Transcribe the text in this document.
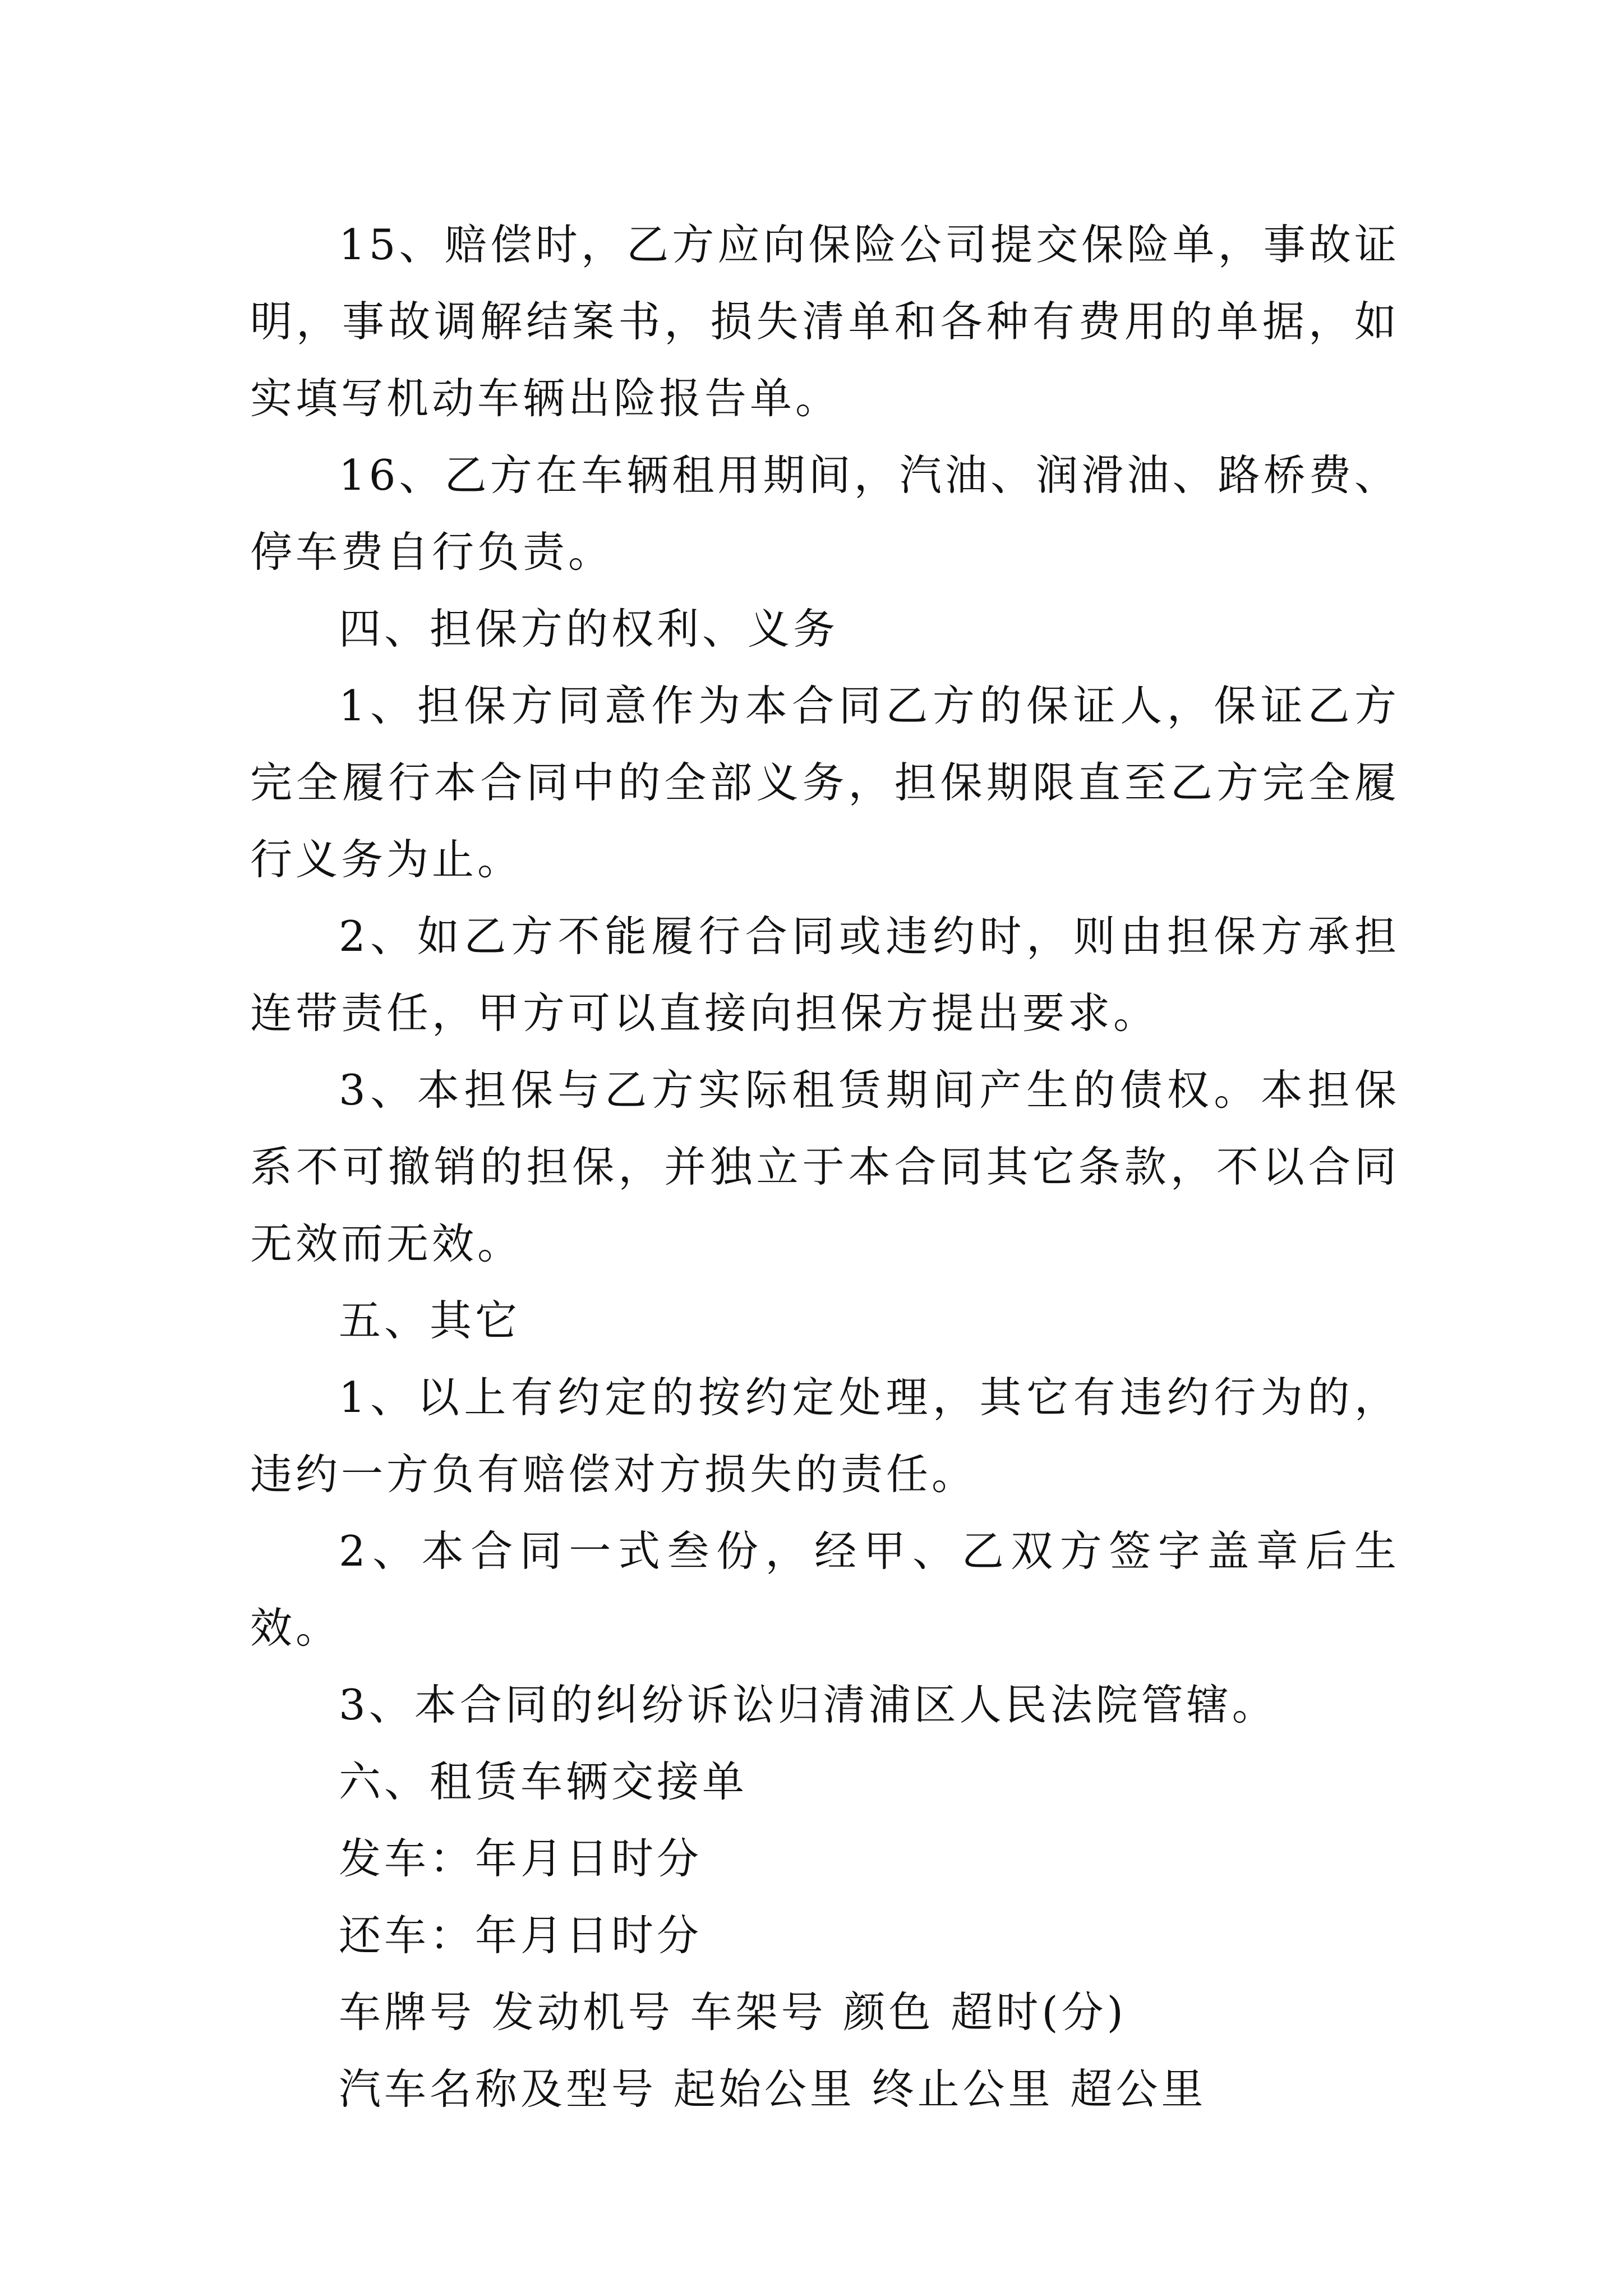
15、赔偿时，乙方应向保险公司提交保险单，事故证明，事故调解结案书，损失清单和各种有费用的单据，如实填写机动车辆出险报告单。

16、乙方在车辆租用期间，汽油、润滑油、路桥费、停车费自行负责。

四、担保方的权利、义务

1、担保方同意作为本合同乙方的保证人，保证乙方完全履行本合同中的全部义务，担保期限直至乙方完全履行义务为止。

2、如乙方不能履行合同或违约时，则由担保方承担连带责任，甲方可以直接向担保方提出要求。

3、本担保与乙方实际租赁期间产生的债权。本担保系不可撤销的担保，并独立于本合同其它条款，不以合同无效而无效。

五、其它

1、以上有约定的按约定处理，其它有违约行为的，违约一方负有赔偿对方损失的责任。

2、本合同一式叁份，经甲、乙双方签字盖章后生效。

3、本合同的纠纷诉讼归清浦区人民法院管辖。

六、租赁车辆交接单

发车：年月日时分

还车：年月日时分

车牌号 发动机号 车架号 颜色 超时(分)

汽车名称及型号 起始公里 终止公里 超公里
